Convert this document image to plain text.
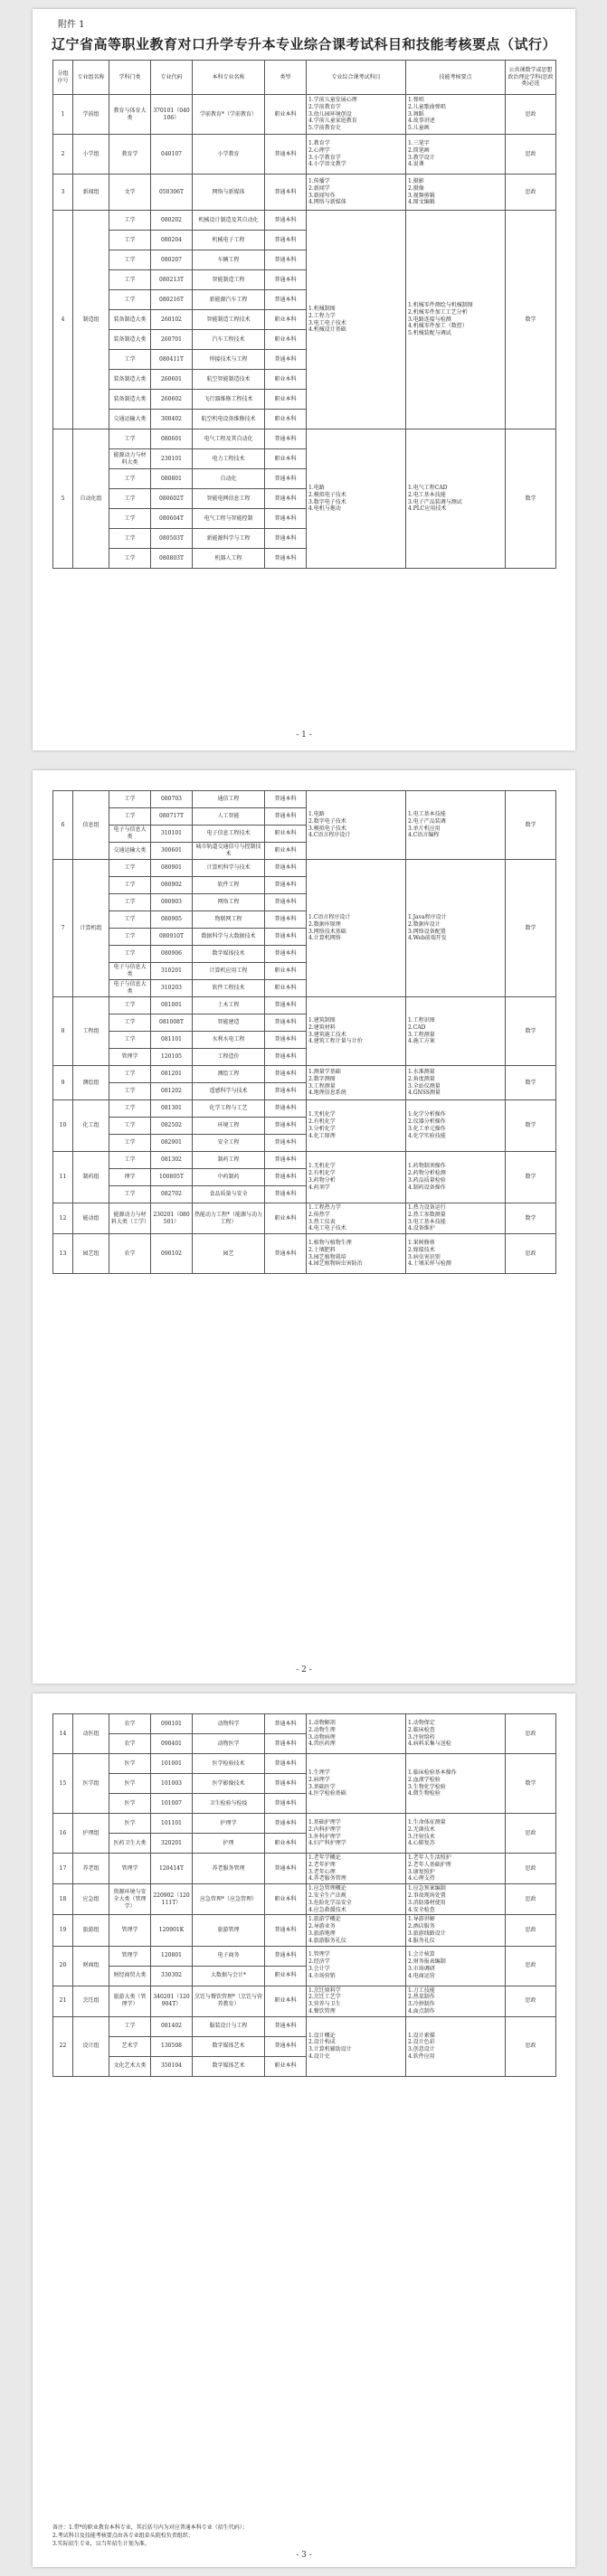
附件 1
辽宁省高等职业教育对口升学专升本专业综合课考试科目和技能考核要点（试行）
分组序号	专业组名称	学科门类	专业代码	本科专业名称	类型	专业综合课考试科目	技能考核要点	公共课数学或思想政治理论学科(思政类)必选
1	学前组	教育与体育大类	370101（040106）	学前教育*（学前教育）	职业本科	1.学前儿童发展心理
2.学前教育学
3.幼儿园环境创设
4.学前儿童家庭教育
5.学前教育史	1.弹唱
2.儿童歌曲弹唱
3.舞蹈
4.故事讲述
5.儿童画	思政
2	小学组	教育学	040107	小学教育	普通本科	1.教育学
2.心理学
3.小学教育学
4.小学语文教学	1.三笔字
2.简笔画
3.教学设计
4.说课	思政
3	新闻组	文学	050306T	网络与新媒体	普通本科	1.传播学
2.新闻学
3.新闻写作
4.网络与新媒体	1.摄影
2.摄像
3.视频剪辑
4.图文编辑	思政
4	制造组	工学	080202	机械设计制造及其自动化	普通本科	1.机械制图
2.工程力学
3.电工电子技术
4.机械设计基础	1.机械零件测绘与机械制图
2.机械零件加工工艺分析
3.电路连接与检测
4.机械零件加工（数控）
5.机械装配与调试	数学
		工学	080204	机械电子工程	普通本科			
		工学	080207	车辆工程	普通本科			
		工学	080213T	智能制造工程	普通本科			
		工学	080216T	新能源汽车工程	普通本科			
		装备制造大类	260102	智能制造工程技术	职业本科			
		装备制造大类	260701	汽车工程技术	职业本科			
		工学	080411T	焊接技术与工程	普通本科			
		装备制造大类	260601	航空智能制造技术	职业本科			
		装备制造大类	260602	飞行器维修工程技术	职业本科			
		交通运输大类	300402	航空机电设备维修技术	职业本科			
5	自动化组	工学	080601	电气工程及其自动化	普通本科	1.电路
2.模拟电子技术
3.数字电子技术
4.电机与拖动	1.电气工程CAD
2.电工基本技能
3.电子产品装调与测试
4.PLC应用技术	数学
		能源动力与材料大类	230101	电力工程技术	职业本科			
		工学	080801	自动化	普通本科			
		工学	080602T	智能电网信息工程	普通本科			
		工学	080604T	电气工程与智能控制	普通本科			
		工学	080503T	新能源科学与工程	普通本科			
		工学	080803T	机器人工程	普通本科			
- 1 -
6	信息组	工学	080703	通信工程	普通本科	1.电路
2.数字电子技术
3.模拟电子技术
4.C语言程序设计	1.电工基本技能
2.电子产品装调
3.单片机应用
4.C语言编程	数学
		工学	080717T	人工智能	普通本科			
		电子与信息大类	310101	电子信息工程技术	职业本科			
		交通运输大类	300601	城市轨道交通信号与控制技术	职业本科			
7	计算机组	工学	080901	计算机科学与技术	普通本科	1.C语言程序设计
2.数据库原理
3.网络技术基础
4.计算机网络	1.Java程序设计
2.数据库设计
3.网络设备配置
4.Web前端开发	数学
		工学	080902	软件工程	普通本科			
		工学	080903	网络工程	普通本科			
		工学	080905	物联网工程	普通本科			
		工学	080910T	数据科学与大数据技术	普通本科			
		工学	080906	数字媒体技术	普通本科			
		电子与信息大类	310201	计算机应用工程	职业本科			
		电子与信息大类	310203	软件工程技术	职业本科			
8	工程组	工学	081001	土木工程	普通本科	1.建筑制图
2.建筑材料
3.建筑施工技术
4.建筑工程计量与计价	1.工程识图
2.CAD
3.工程测量
4.施工方案	数学
		工学	081008T	智能建造	普通本科			
		工学	081101	水利水电工程	普通本科			
		管理学	120105	工程造价	普通本科			
9	测绘组	工学	081201	测绘工程	普通本科	1.测量学基础
2.数字测图
3.工程测量
4.地理信息系统	1.水准测量
2.角度测量
3.全站仪测量
4.GNSS测量	数学
		工学	081202	遥感科学与技术	普通本科			
10	化工组	工学	081301	化学工程与工艺	普通本科	1.无机化学
2.有机化学
3.分析化学
4.化工原理	1.化学分析操作
2.仪器分析操作
3.化工单元操作
4.化学实验技能	数学
		工学	082502	环境工程	普通本科			
		工学	082901	安全工程	普通本科			
11	制药组	工学	081302	制药工程	普通本科	1.无机化学
2.有机化学
3.药物分析
4.药剂学	1.药物制剂操作
2.药物分析检测
3.药品质量检验
4.制药设备操作	数学
		理学	100805T	中药制药	普通本科			
		工学	082702	食品质量与安全	普通本科			
12	能动组	能源动力与材料大类（工学）	230201（080501）	热能动力工程*（能源与动力工程）	职业本科	1.工程热力学
2.传热学
3.热工仪表
4.电工电子技术	1.热力设备运行
2.热工参数测量
3.电工基本技能
4.设备维护	数学
13	园艺组	农学	090102	园艺	普通本科	1.植物与植物生理
2.土壤肥料
3.园艺植物栽培
4.园艺植物病虫害防治	1.果树修剪
2.嫁接技术
3.病虫害识别
4.土壤采样与检测	思政
- 2 -
14	动医组	农学	090101	动物科学	普通本科	1.动物解剖
2.动物生理
3.动物病理
4.兽医药理	1.动物保定
2.临床检查
3.注射给药
4.病料采集与送检	思政
		农学	090401	动物医学	普通本科			
15	医学组	医学	101001	医学检验技术	普通本科	1.生理学
2.病理学
3.基础医学
4.医学检验基础	1.临床检验基本操作
2.血液学检验
3.生物化学检验
4.微生物检验	数学
		医学	101003	医学影像技术	普通本科			
		医学	101007	卫生检验与检疫	普通本科			
16	护理组	医学	101101	护理学	普通本科	1.基础护理学
2.内科护理学
3.外科护理学
4.妇产科护理学	1.生命体征测量
2.无菌技术
3.注射技术
4.心肺复苏	思政
		医药卫生大类	320201	护理	职业本科			
17	养老组	管理学	120414T	养老服务管理	普通本科	1.老年学概论
2.老年护理
3.老年心理
4.养老服务管理	1.老年人生活照护
2.老年人基础护理
3.康复照护
4.心理支持	思政
18	应急组	资源环境与安全大类（管理学）	220902（120111T）	应急管理*（应急管理）	职业本科	1.应急管理概论
2.安全生产法规
3.危险化学品安全
4.应急救援技术	1.应急预案编制
2.事故现场处置
3.消防器材使用
4.安全检查	思政
19	旅游组	管理学	120901K	旅游管理	普通本科	1.旅游学概论
2.导游业务
3.旅游地理
4.旅游服务礼仪	1.导游讲解
2.酒店服务
3.旅游线路设计
4.服务礼仪	思政
20	财商组	管理学	120801	电子商务	普通本科	1.管理学
2.经济学
3.会计学
4.市场营销	1.会计核算
2.财务报表编制
3.市场调研
4.电商运营	思政
		财经商贸大类	330302	大数据与会计*	职业本科			
21	烹饪组	旅游大类（管理学）	340201（120904T）	烹饪与餐饮管理*（烹饪与营养教育）	职业本科	1.烹饪原料学
2.烹饪工艺学
3.营养与卫生
4.餐饮管理	1.刀工技能
2.热菜制作
3.冷拼制作
4.面点制作	思政
22	设计组	工学	081402	服装设计与工程	普通本科	1.设计概论
2.设计构成
3.计算机辅助设计
4.设计史	1.设计素描
2.设计色彩
3.创意设计
4.软件应用	思政
		艺术学	130508	数字媒体艺术	普通本科			
		文化艺术大类	350104	数字媒体艺术	职业本科			
备注：1.带*的职业教育本科专业，其后括号内为对应普通本科专业（招生代码）；
2.考试科目及技能考核要点由各专业组牵头院校负责组织；
3.实际招生专业，以当年招生计划为准。
- 3 -
